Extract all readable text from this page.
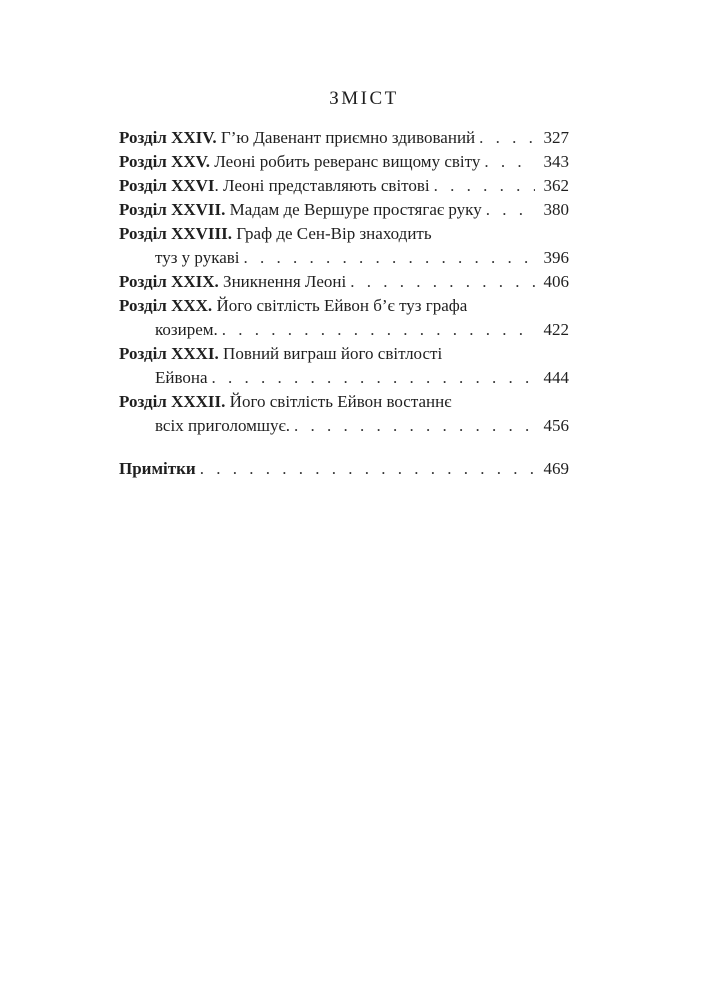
ЗМІСТ
Розділ XXIV. Г’ю Давенант приємно здивований . . .	327
Розділ XXV. Леоні робить реверанс вищому світу . . .	343
Розділ XXVI. Леоні представляють світові . . .	362
Розділ XXVII. Мадам де Вершуре простягає руку . . .	380
Розділ XXVIII. Граф де Сен-Вір знаходить
туз у рукаві . . .	396
Розділ XXIX. Зникнення Леоні . . .	406
Розділ XXX. Його світлість Ейвон б’є туз графа
козирем. . . .	422
Розділ XXXI. Повний виграш його світлості
Ейвона . . .	444
Розділ XXXII. Його світлість Ейвон востаннє
всіх приголомшує. . . .	456
Примітки . . .	469
